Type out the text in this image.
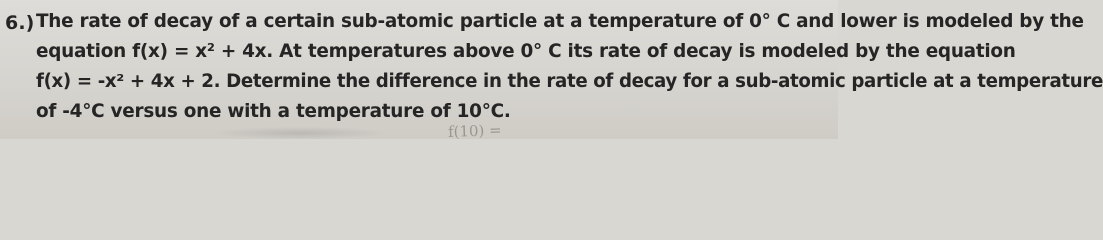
6.) The rate of decay of a certain sub-atomic particle at a temperature of 0° C and lower is modeled by the
equation f(x) = x² + 4x. At temperatures above 0° C its rate of decay is modeled by the equation
f(x) = -x² + 4x + 2. Determine the difference in the rate of decay for a sub-atomic particle at a temperature
of -4°C versus one with a temperature of 10°C.
f(10) =
